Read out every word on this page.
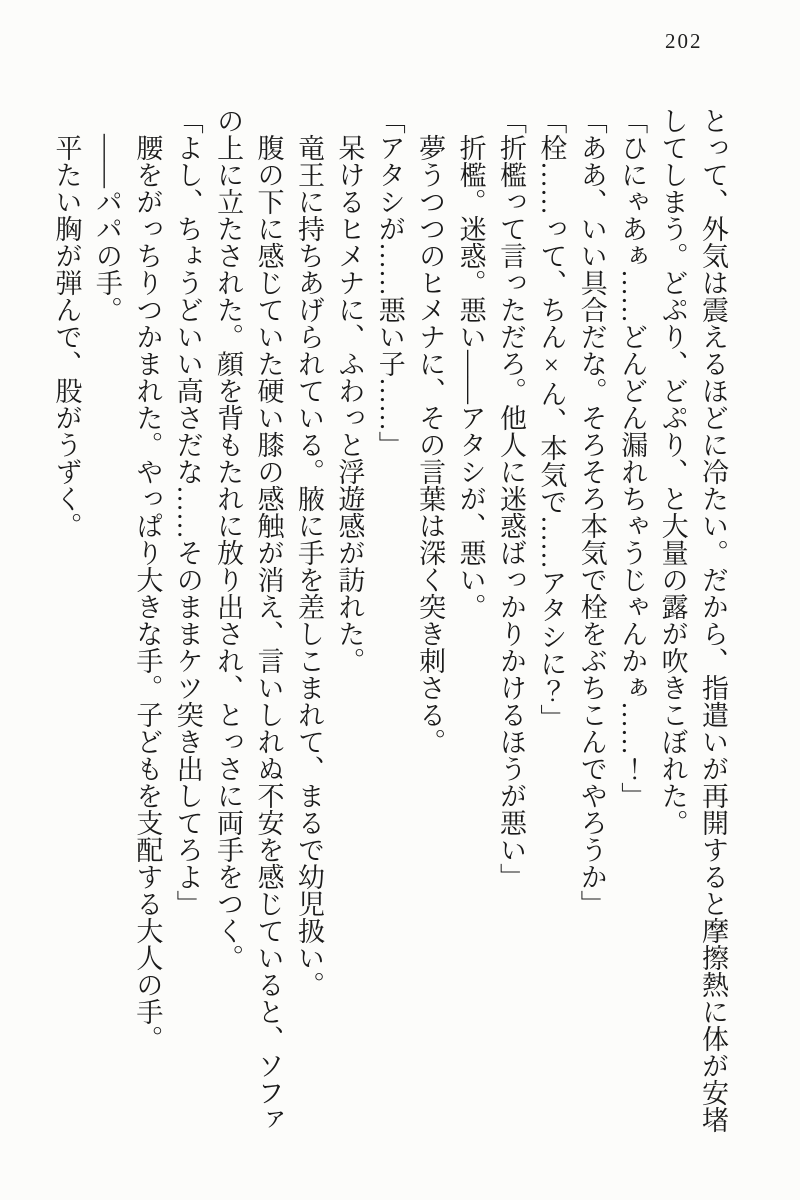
202

とって、外気は震えるほどに冷たい。だから、指遣いが再開すると摩擦熱に体が安堵

してしまう。どぷり、どぷり、と大量の露が吹きこぼれた。

「ひにゃあぁ……どんどん漏れちゃうじゃんかぁ……！」

「ああ、いい具合だな。そろそろ本気で栓をぶちこんでやろうか」

「栓……って、ちん×ん、本気で……アタシに？」

「折檻って言っただろ。他人に迷惑ばっかりかけるほうが悪い」

折檻。迷惑。悪い――アタシが、悪い。

夢うつつのヒメナに、その言葉は深く突き刺さる。

「アタシが……悪い子……」

呆けるヒメナに、ふわっと浮遊感が訪れた。

竜王に持ちあげられている。腋に手を差しこまれて、まるで幼児扱い。

腹の下に感じていた硬い膝の感触が消え、言いしれぬ不安を感じていると、ソファ

の上に立たされた。顔を背もたれに放り出され、とっさに両手をつく。

「よし、ちょうどいい高さだな……そのままケツ突き出してろよ」

腰をがっちりつかまれた。やっぱり大きな手。子どもを支配する大人の手。

――パパの手。

平たい胸が弾んで、股がうずく。
